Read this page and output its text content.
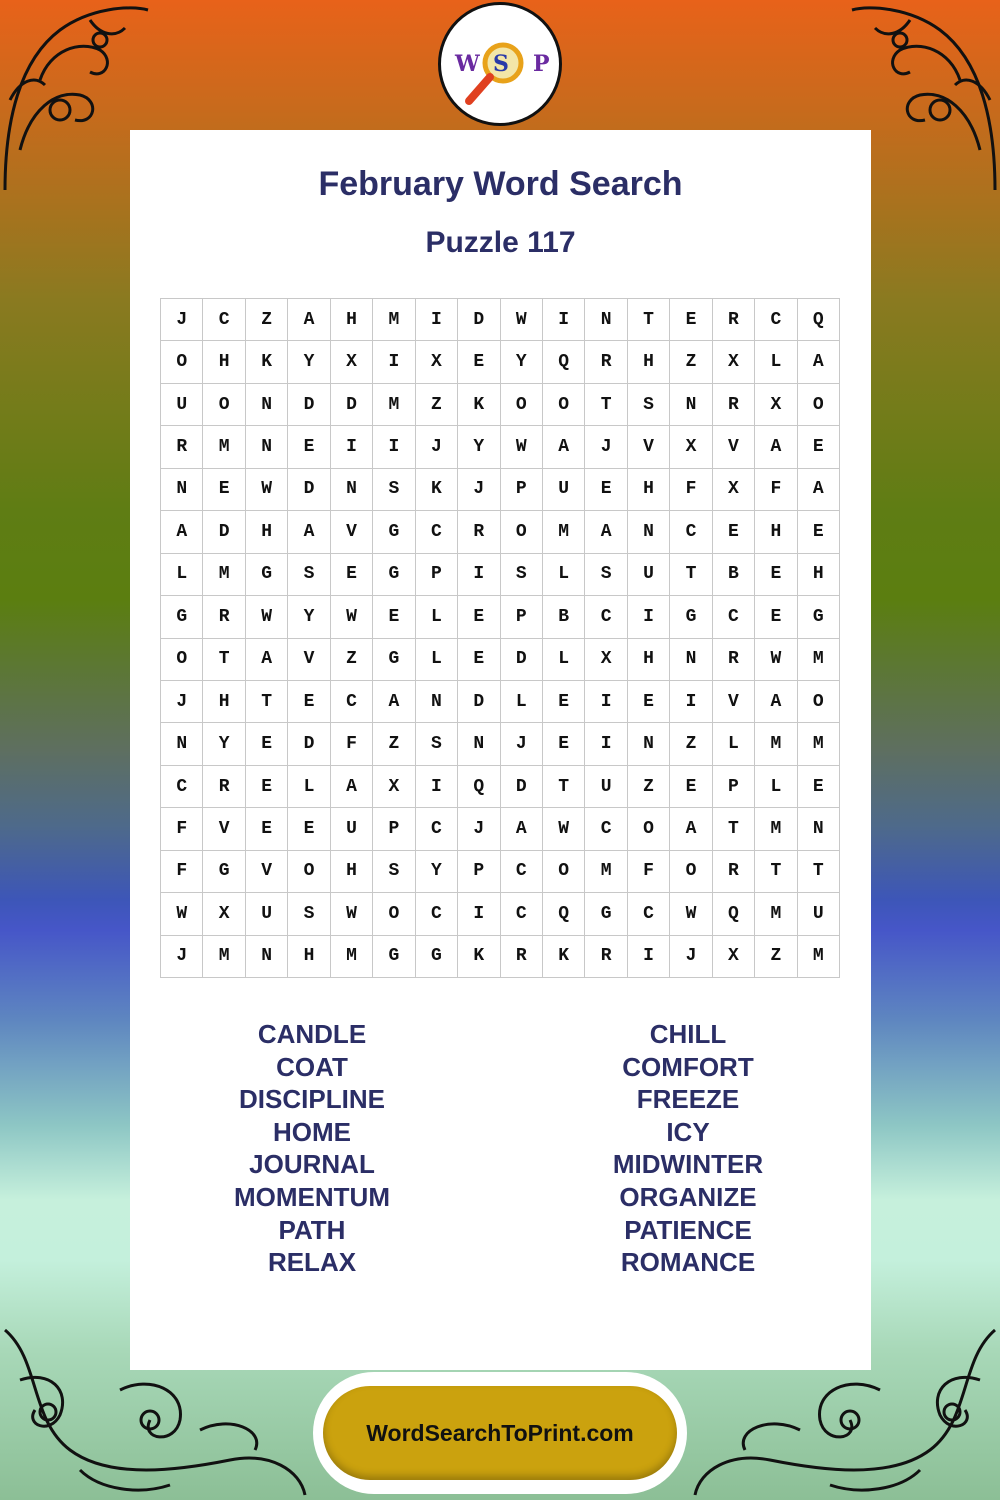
W S P
February Word Search
Puzzle 117
J	C	Z	A	H	M	I	D	W	I	N	T	E	R	C	Q
O	H	K	Y	X	I	X	E	Y	Q	R	H	Z	X	L	A
U	O	N	D	D	M	Z	K	O	O	T	S	N	R	X	O
R	M	N	E	I	I	J	Y	W	A	J	V	X	V	A	E
N	E	W	D	N	S	K	J	P	U	E	H	F	X	F	A
A	D	H	A	V	G	C	R	O	M	A	N	C	E	H	E
L	M	G	S	E	G	P	I	S	L	S	U	T	B	E	H
G	R	W	Y	W	E	L	E	P	B	C	I	G	C	E	G
O	T	A	V	Z	G	L	E	D	L	X	H	N	R	W	M
J	H	T	E	C	A	N	D	L	E	I	E	I	V	A	O
N	Y	E	D	F	Z	S	N	J	E	I	N	Z	L	M	M
C	R	E	L	A	X	I	Q	D	T	U	Z	E	P	L	E
F	V	E	E	U	P	C	J	A	W	C	O	A	T	M	N
F	G	V	O	H	S	Y	P	C	O	M	F	O	R	T	T
W	X	U	S	W	O	C	I	C	Q	G	C	W	Q	M	U
J	M	N	H	M	G	G	K	R	K	R	I	J	X	Z	M
CANDLE
COAT
DISCIPLINE
HOME
JOURNAL
MOMENTUM
PATH
RELAX
CHILL
COMFORT
FREEZE
ICY
MIDWINTER
ORGANIZE
PATIENCE
ROMANCE
WordSearchToPrint.com
